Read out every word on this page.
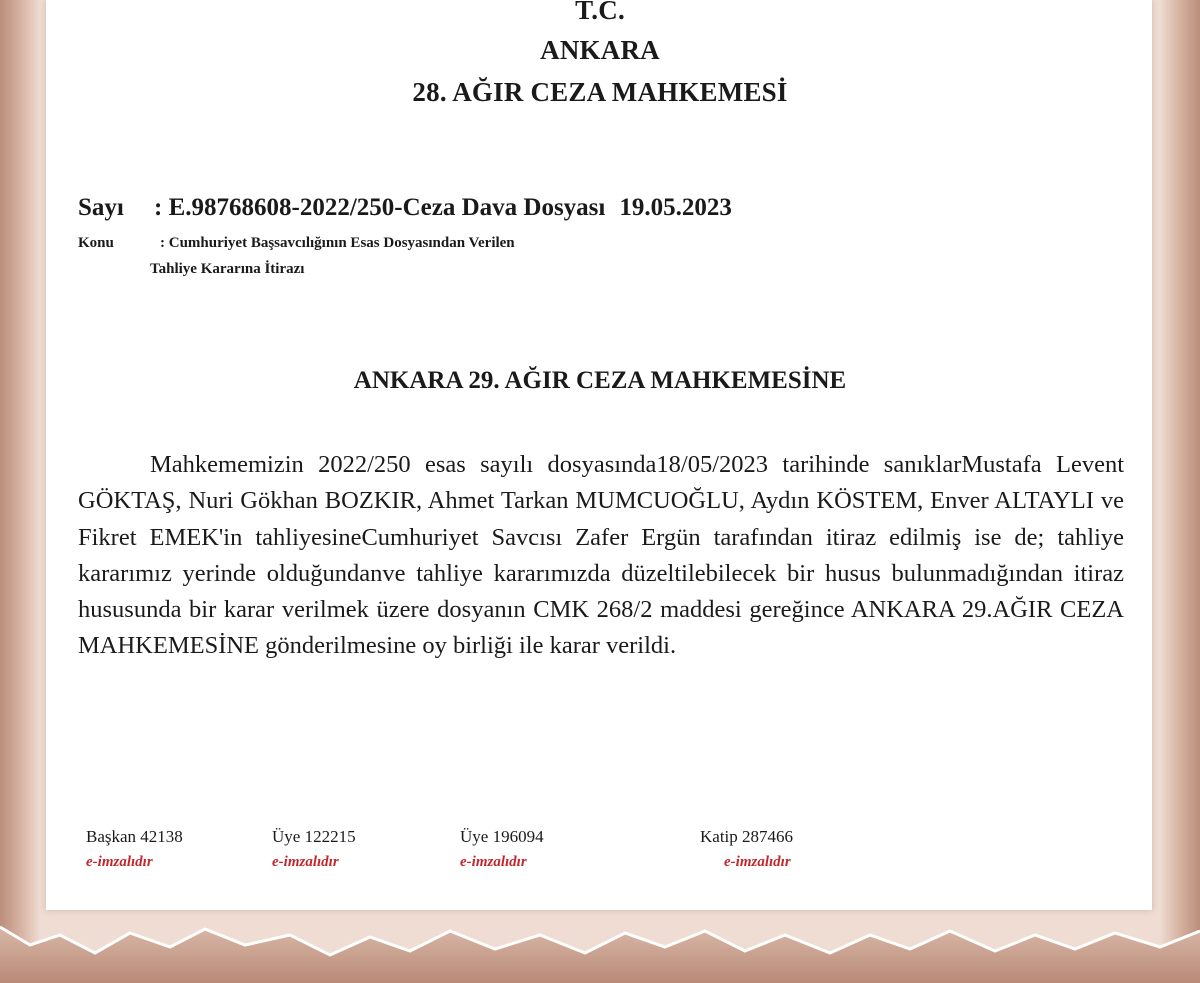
T.C.
ANKARA
28. AĞIR CEZA MAHKEMESİ
Sayı : E.98768608-2022/250-Ceza Dava Dosyası 19.05.2023
Konu	: Cumhuriyet Başsavcılığının Esas Dosyasından Verilen
Tahliye Kararına İtirazı
ANKARA 29. AĞIR CEZA MAHKEMESİNE

Mahkememizin 2022/250 esas sayılı dosyasında18/05/2023 tarihinde sanıklarMustafa Levent GÖKTAŞ, Nuri Gökhan BOZKIR, Ahmet Tarkan MUMCUOĞLU, Aydın KÖSTEM, Enver ALTAYLI ve Fikret EMEK'in tahliyesineCumhuriyet Savcısı Zafer Ergün tarafından itiraz edilmiş ise de; tahliye kararımız yerinde olduğundanve tahliye kararımızda düzeltilebilecek bir husus bulunmadığından itiraz hususunda bir karar verilmek üzere dosyanın CMK 268/2 maddesi gereğince ANKARA 29.AĞIR CEZA MAHKEMESİNE gönderilmesine oy birliği ile karar verildi.

Başkan 42138
e-imzalıdır
Üye 122215
e-imzalıdır
Üye 196094
e-imzalıdır
Katip 287466
e-imzalıdır
